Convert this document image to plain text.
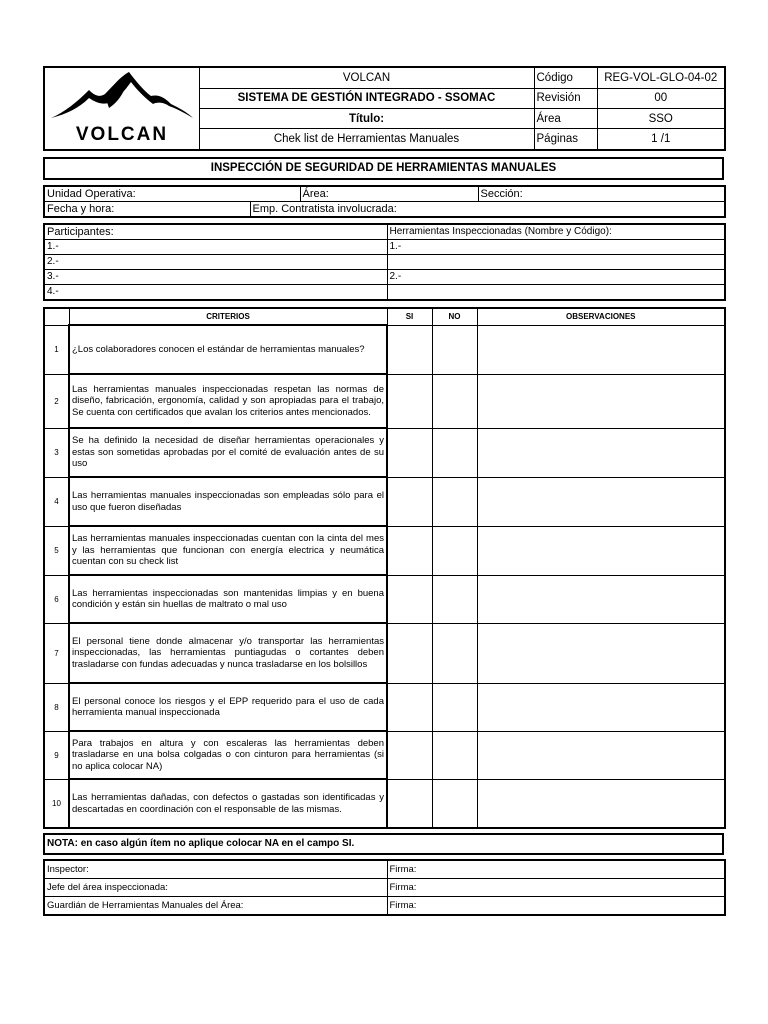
VOLCAN	VOLCAN	Código	REG-VOL-GLO-04-02
	SISTEMA DE GESTIÓN INTEGRADO - SSOMAC	Revisión	00
	Título:	Área	SSO
	Chek list de Herramientas Manuales	Páginas	1 /1
INSPECCIÓN DE SEGURIDAD DE HERRAMIENTAS MANUALES
Unidad Operativa:		Área:	Sección:
Fecha y hora:	Emp. Contratista involucrada:		
Participantes:	Herramientas Inspeccionadas (Nombre y Código):
1.-	1.-
2.-	
3.-	2.-
4.-	
	CRITERIOS	SI	NO	OBSERVACIONES
1	¿Los colaboradores conocen el estándar de herramientas manuales?			
2	Las herramientas manuales inspeccionadas respetan las normas de diseño, fabricación, ergonomía, calidad y son apropiadas para el trabajo, Se cuenta con certificados que avalan los criterios antes mencionados.			
3	Se ha definido la necesidad de diseñar herramientas operacionales y estas son sometidas aprobadas por el comité de evaluación antes de su uso			
4	Las herramientas manuales inspeccionadas son empleadas sólo para el uso que fueron diseñadas			
5	Las herramientas manuales inspeccionadas cuentan con la cinta del mes y las herramientas que funcionan con energía electrica y neumática cuentan con su check list			
6	Las herramientas inspeccionadas son mantenidas limpias y en buena condición y están sin huellas de maltrato o mal uso			
7	El personal tiene donde almacenar y/o transportar las herramientas inspeccionadas, las herramientas puntiagudas o cortantes deben trasladarse con fundas adecuadas y nunca trasladarse en los bolsillos			
8	El personal conoce los riesgos y el EPP requerido para el uso de cada herramienta manual inspeccionada			
9	Para trabajos en altura y con escaleras las herramientas deben trasladarse en una bolsa colgadas o con cinturon para herramientas (si no aplica colocar NA)			
10	Las herramientas dañadas, con defectos o gastadas son identificadas y descartadas en coordinación con el responsable de las mismas.			
NOTA: en caso algún ítem no aplique colocar NA en el campo SI.
Inspector:	Firma:
Jefe del área inspeccionada:	Firma:
Guardián de Herramientas Manuales del Área:	Firma:
